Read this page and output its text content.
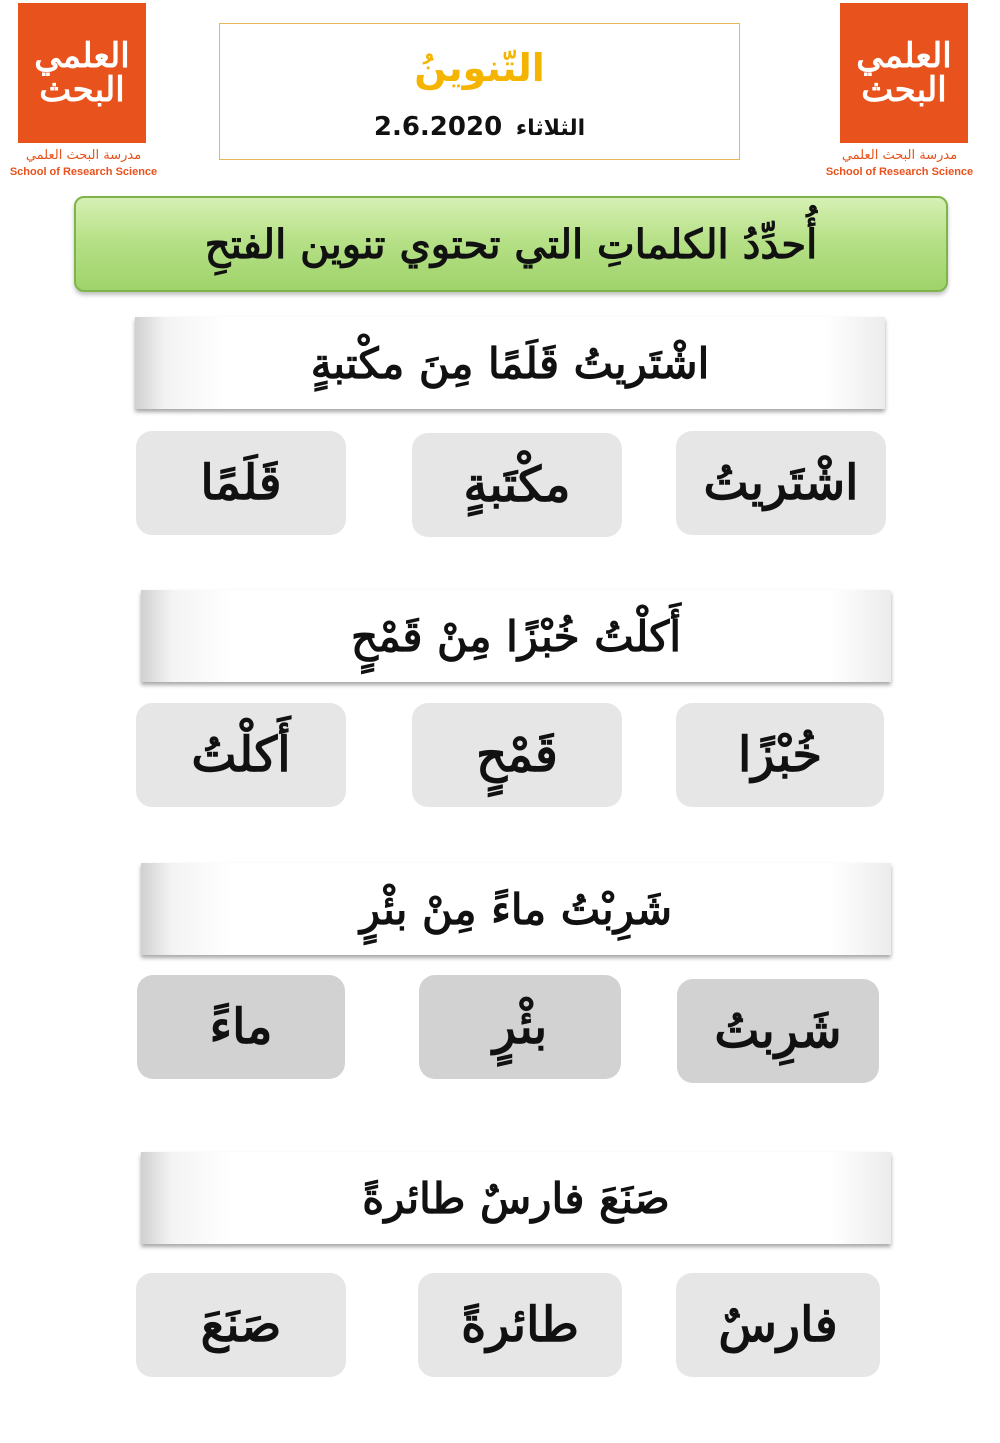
العلمي
البحث
مدرسة البحث العلمي
School of Research Science
العلمي
البحث
مدرسة البحث العلمي
School of Research Science
التّنوينُ
الثلاثاء 2.6.2020
أُحدِّدُ الكلماتِ التي تحتوي تنوين الفتحِ
اشْتَريتُ قَلَمًا مِنَ مكْتبةٍ
اشْتَريتُ
مكْتَبةٍ
قَلَمًا
أَكلْتُ خُبْزًا مِنْ قَمْحٍ
خُبْزًا
قَمْحٍ
أَكلْتُ
شَرِبْتُ ماءً مِنْ بئْرٍ
شَرِبتُ
بئْرٍ
ماءً
صَنَعَ فارسٌ طائرةً
فارسٌ
طائرةً
صَنَعَ
